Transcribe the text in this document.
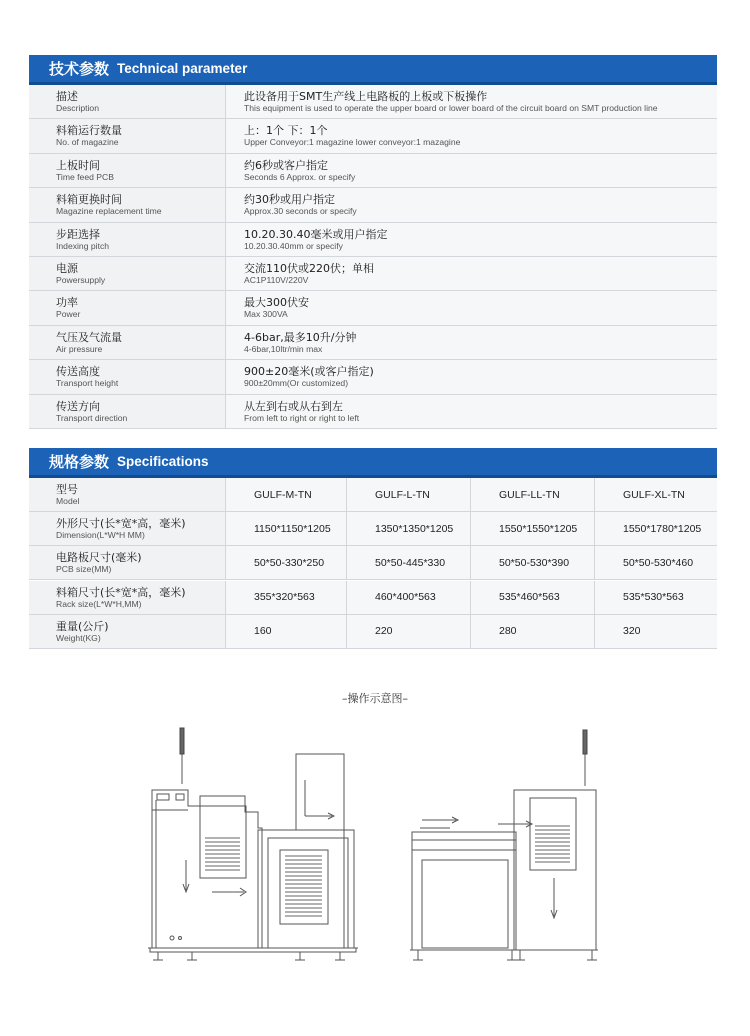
技术参数 Technical parameter
描述
Description
此设备用于SMT生产线上电路板的上板或下板操作
This equipment is used to operate the upper board or lower board of the circuit board on SMT production line
料箱运行数量
No. of magazine
上：1个 下：1个
Upper Conveyor:1 magazine lower conveyor:1 mazagine
上板时间
Time feed PCB
约6秒或客户指定
Seconds 6 Approx. or specify
料箱更换时间
Magazine replacement time
约30秒或用户指定
Approx.30 seconds or specify
步距选择
Indexing pitch
10.20.30.40毫米或用户指定
10.20.30.40mm or specify
电源
Powersupply
交流110伏或220伏；单相
AC1P110V/220V
功率
Power
最大300伏安
Max 300VA
气压及气流量
Air pressure
4-6bar,最多10升/分钟
4-6bar,10ltr/min max
传送高度
Transport height
900±20毫米(或客户指定)
900±20mm(Or customized)
传送方向
Transport direction
从左到右或从右到左
From left to right or right to left
规格参数 Specifications
型号
Model
GULF-M-TN	GULF-L-TN	GULF-LL-TN	GULF-XL-TN
外形尺寸(长*宽*高，毫米)
Dimension(L*W*H MM)
1150*1150*1205	1350*1350*1205	1550*1550*1205	1550*1780*1205
电路板尺寸(毫米)
PCB size(MM)
50*50-330*250	50*50-445*330	50*50-530*390	50*50-530*460
料箱尺寸(长*宽*高，毫米)
Rack size(L*W*H,MM)
355*320*563	460*400*563	535*460*563	535*530*563
重量(公斤)
Weight(KG)
160	220	280	320
–操作示意图–
